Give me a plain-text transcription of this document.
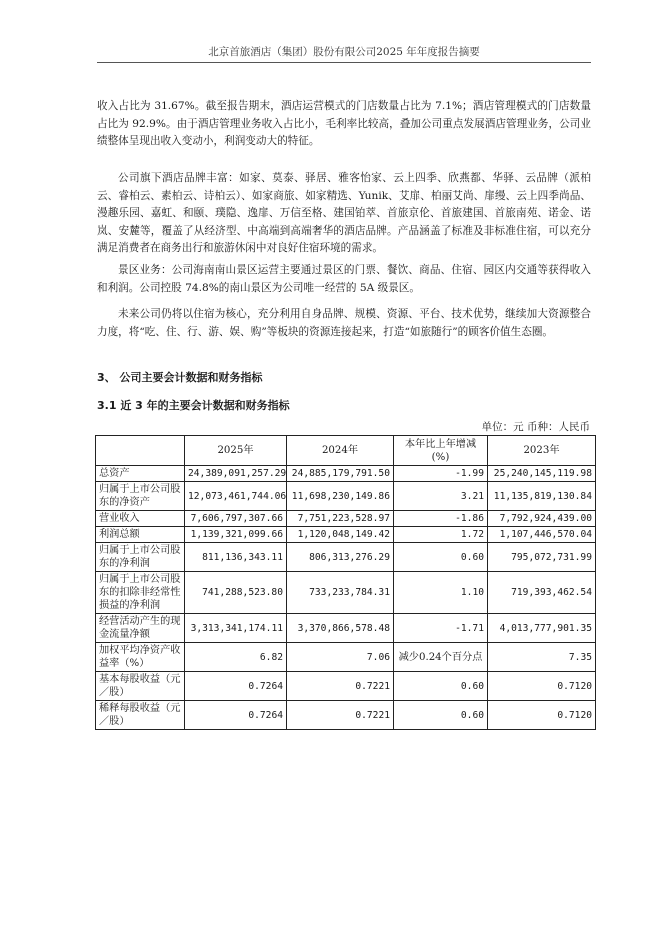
北京首旅酒店（集团）股份有限公司2025 年年度报告摘要

收入占比为 31.67%。截至报告期末，酒店运营模式的门店数量占比为 7.1%；酒店管理模式的门店数量占比为 92.9%。由于酒店管理业务收入占比小，毛利率比较高，叠加公司重点发展酒店管理业务，公司业绩整体呈现出收入变动小，利润变动大的特征。

公司旗下酒店品牌丰富：如家、莫泰、驿居、雅客怡家、云上四季、欣燕都、华驿、云品牌（派柏云、睿柏云、素柏云、诗柏云）、如家商旅、如家精选、Yunik、艾扉、柏丽艾尚、扉缦、云上四季尚品、漫趣乐园、嘉虹、和颐、璞隐、逸扉、万信至格、建国铂萃、首旅京伦、首旅建国、首旅南苑、诺金、诺岚、安麓等，覆盖了从经济型、中高端到高端奢华的酒店品牌。产品涵盖了标准及非标准住宿，可以充分满足消费者在商务出行和旅游休闲中对良好住宿环境的需求。

景区业务：公司海南南山景区运营主要通过景区的门票、餐饮、商品、住宿、园区内交通等获得收入和利润。公司控股 74.8%的南山景区为公司唯一经营的 5A 级景区。

未来公司仍将以住宿为核心，充分利用自身品牌、规模、资源、平台、技术优势，继续加大资源整合力度，将“吃、住、行、游、娱、购”等板块的资源连接起来，打造“如旅随行”的顾客价值生态圈。

3、 公司主要会计数据和财务指标
3.1 近 3 年的主要会计数据和财务指标
单位：元 币种：人民币
	2025年	2024年	本年比上年增减(%)	2023年
总资产	24,389,091,257.29	24,885,179,791.50	-1.99	25,240,145,119.98
归属于上市公司股东的净资产	12,073,461,744.06	11,698,230,149.86	3.21	11,135,819,130.84
营业收入	7,606,797,307.66	7,751,223,528.97	-1.86	7,792,924,439.00
利润总额	1,139,321,099.66	1,120,048,149.42	1.72	1,107,446,570.04
归属于上市公司股东的净利润	811,136,343.11	806,313,276.29	0.60	795,072,731.99
归属于上市公司股东的扣除非经常性损益的净利润	741,288,523.80	733,233,784.31	1.10	719,393,462.54
经营活动产生的现金流量净额	3,313,341,174.11	3,370,866,578.48	-1.71	4,013,777,901.35
加权平均净资产收益率（%）	6.82	7.06	减少0.24个百分点	7.35
基本每股收益（元／股）	0.7264	0.7221	0.60	0.7120
稀释每股收益（元／股）	0.7264	0.7221	0.60	0.7120
